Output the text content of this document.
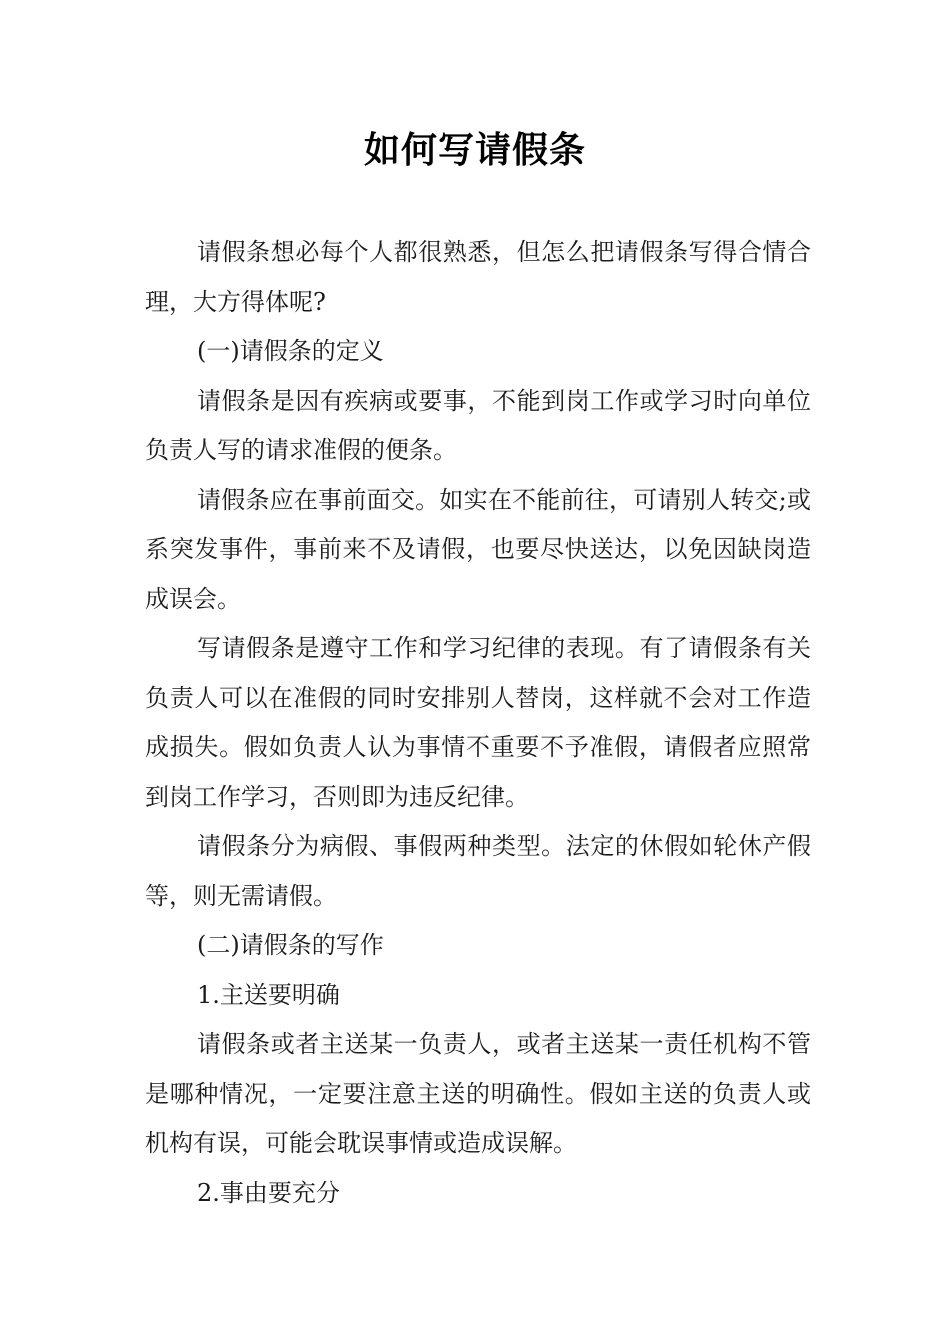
如何写请假条

请假条想必每个人都很熟悉，但怎么把请假条写得合情合理，大方得体呢?

(一)请假条的定义

请假条是因有疾病或要事，不能到岗工作或学习时向单位负责人写的请求准假的便条。

请假条应在事前面交。如实在不能前往，可请别人转交;或系突发事件，事前来不及请假，也要尽快送达，以免因缺岗造成误会。

写请假条是遵守工作和学习纪律的表现。有了请假条有关负责人可以在准假的同时安排别人替岗，这样就不会对工作造成损失。假如负责人认为事情不重要不予准假，请假者应照常到岗工作学习，否则即为违反纪律。

请假条分为病假、事假两种类型。法定的休假如轮休产假等，则无需请假。

(二)请假条的写作

1.主送要明确

请假条或者主送某一负责人，或者主送某一责任机构不管是哪种情况，一定要注意主送的明确性。假如主送的负责人或机构有误，可能会耽误事情或造成误解。

2.事由要充分
